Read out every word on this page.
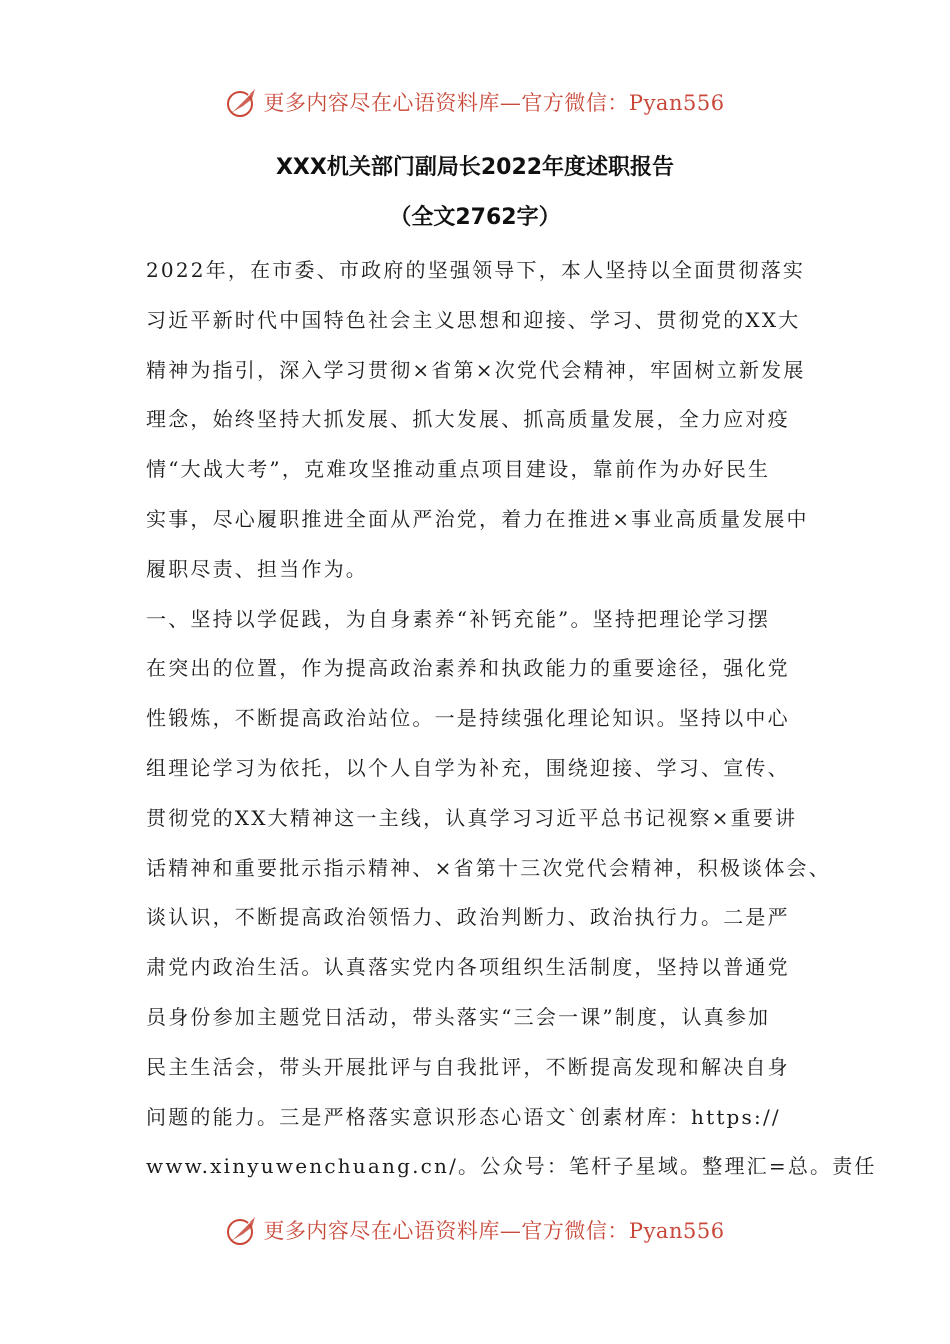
更多内容尽在心语资料库—官方微信：Pyan556
XXX机关部门副局长2022年度述职报告
（全文2762字）
2022年，在市委、市政府的坚强领导下，本人坚持以全面贯彻落实
习近平新时代中国特色社会主义思想和迎接、学习、贯彻党的XX大
精神为指引，深入学习贯彻×省第×次党代会精神，牢固树立新发展
理念，始终坚持大抓发展、抓大发展、抓高质量发展，全力应对疫
情“大战大考”，克难攻坚推动重点项目建设，靠前作为办好民生
实事，尽心履职推进全面从严治党，着力在推进×事业高质量发展中
履职尽责、担当作为。
一、坚持以学促践，为自身素养“补钙充能”。坚持把理论学习摆
在突出的位置，作为提高政治素养和执政能力的重要途径，强化党
性锻炼，不断提高政治站位。一是持续强化理论知识。坚持以中心
组理论学习为依托，以个人自学为补充，围绕迎接、学习、宣传、
贯彻党的XX大精神这一主线，认真学习习近平总书记视察×重要讲
话精神和重要批示指示精神、×省第十三次党代会精神，积极谈体会、
谈认识，不断提高政治领悟力、政治判断力、政治执行力。二是严
肃党内政治生活。认真落实党内各项组织生活制度，坚持以普通党
员身份参加主题党日活动，带头落实“三会一课”制度，认真参加
民主生活会，带头开展批评与自我批评，不断提高发现和解决自身
问题的能力。三是严格落实意识形态心语文`创素材库：https://
www.xinyuwenchuang.cn/。公众号：笔杆子星域。整理汇=总。责任
更多内容尽在心语资料库—官方微信：Pyan556
